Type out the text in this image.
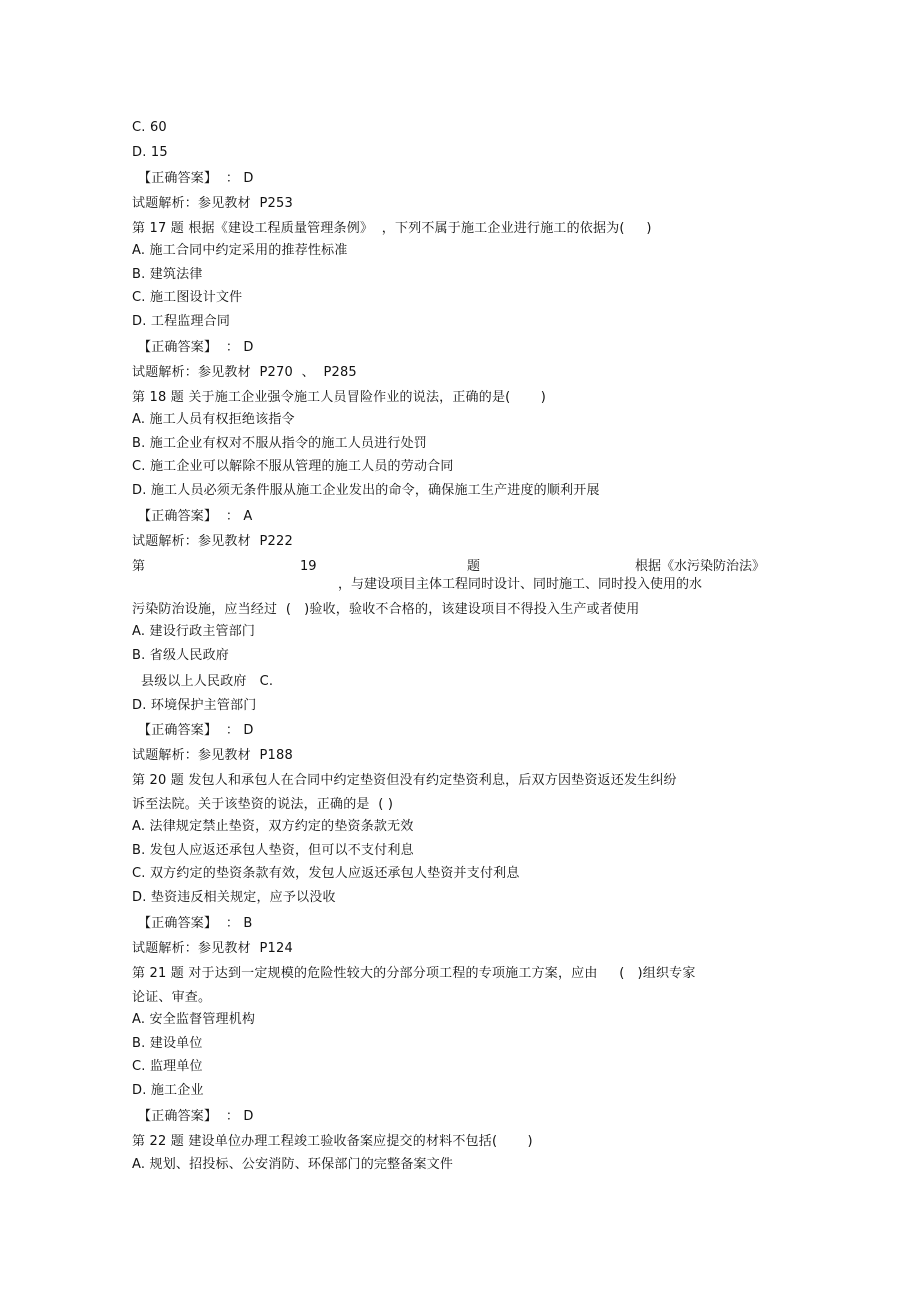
C. 60
D. 15
【正确答案】  ： D
试题解析：参见教材  P253
第 17 题 根据《建设工程质量管理条例》  ，下列不属于施工企业进行施工的依据为(     )
A. 施工合同中约定采用的推荐性标准
B. 建筑法律
C. 施工图设计文件
D. 工程监理合同
【正确答案】  ： D
试题解析：参见教材  P270  、  P285
第 18 题 关于施工企业强令施工人员冒险作业的说法，正确的是(       )
A. 施工人员有权拒绝该指令
B. 施工企业有权对不服从指令的施工人员进行处罚
C. 施工企业可以解除不服从管理的施工人员的劳动合同
D. 施工人员必须无条件服从施工企业发出的命令，确保施工生产进度的顺利开展
【正确答案】  ： A
试题解析：参见教材  P222
第	19	题	根据《水污染防治法》
，与建设项目主体工程同时设计、同时施工、同时投入使用的水
污染防治设施，应当经过  (   )验收，验收不合格的，该建设项目不得投入生产或者使用
A. 建设行政主管部门
B. 省级人民政府
县级以上人民政府   C.
D. 环境保护主管部门
【正确答案】  ： D
试题解析：参见教材  P188
第 20 题 发包人和承包人在合同中约定垫资但没有约定垫资利息，后双方因垫资返还发生纠纷
诉至法院。关于该垫资的说法，正确的是  ( )
A. 法律规定禁止垫资，双方约定的垫资条款无效
B. 发包人应返还承包人垫资，但可以不支付利息
C. 双方约定的垫资条款有效，发包人应返还承包人垫资并支付利息
D. 垫资违反相关规定，应予以没收
【正确答案】  ： B
试题解析：参见教材  P124
第 21 题 对于达到一定规模的危险性较大的分部分项工程的专项施工方案，应由     (   )组织专家
论证、审查。
A. 安全监督管理机构
B. 建设单位
C. 监理单位
D. 施工企业
【正确答案】  ： D
第 22 题 建设单位办理工程竣工验收备案应提交的材料不包括(       )
A. 规划、招投标、公安消防、环保部门的完整备案文件
